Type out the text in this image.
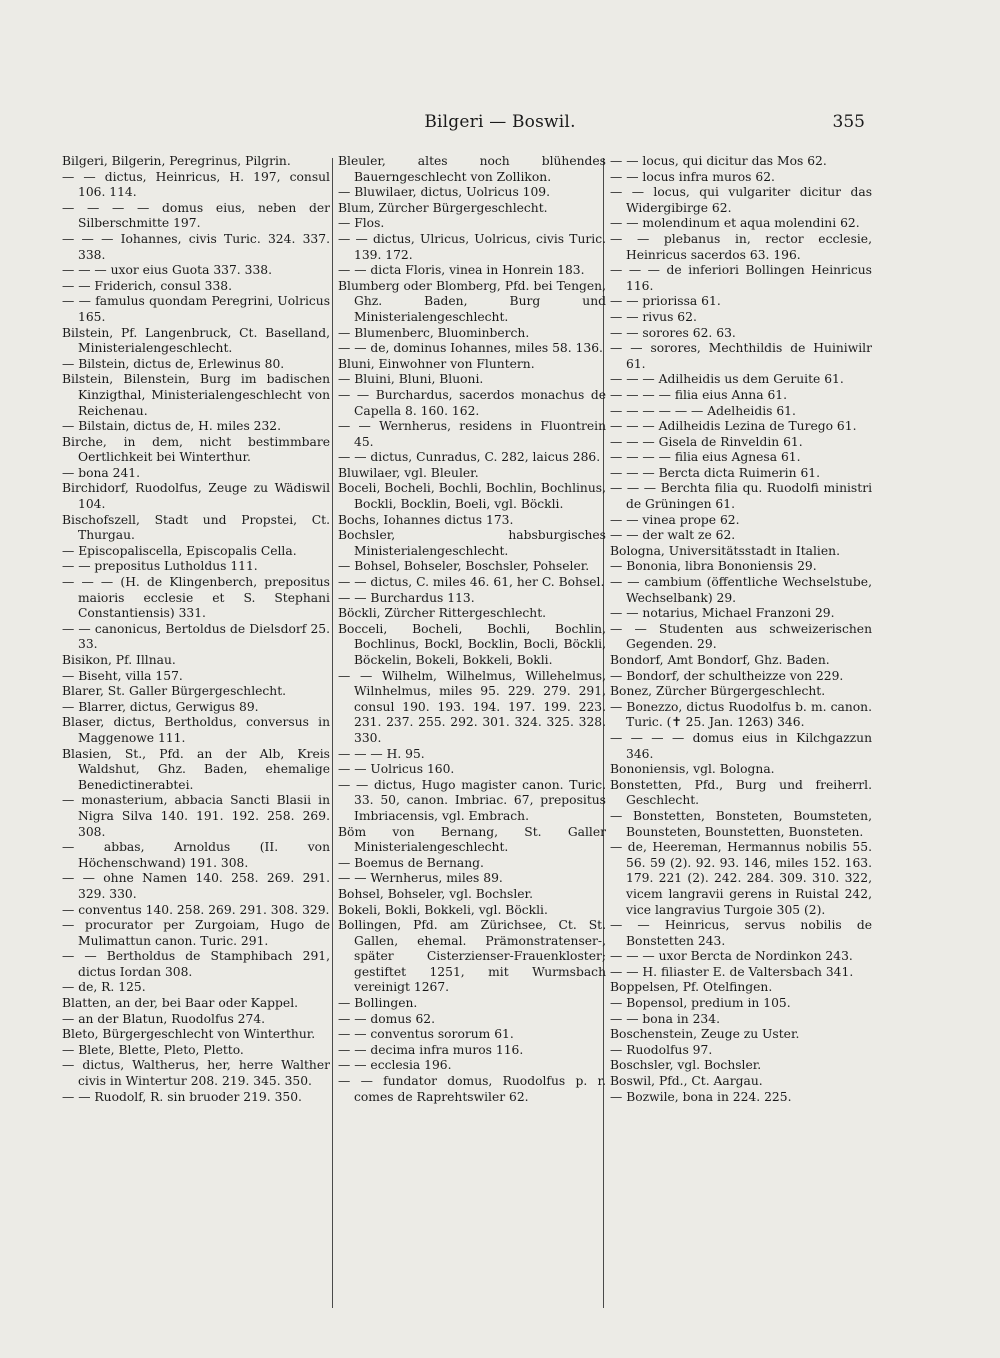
Bilgeri — Boswil.	355

Bilgeri, Bilgerin, Peregrinus, Pilgrin.

— — dictus, Heinricus, H. 197, consul 106. 114.

— — — — domus eius, neben der Silberschmitte 197.

— — — Iohannes, civis Turic. 324. 337. 338.

— — — uxor eius Guota 337. 338.

— — Friderich, consul 338.

— — famulus quondam Peregrini, Uolricus 165.

Bilstein, Pf. Langenbruck, Ct. Baselland, Ministerialengeschlecht.

— Bilstein, dictus de, Erlewinus 80.

Bilstein, Bilenstein, Burg im badischen Kinzigthal, Ministerialengeschlecht von Reichenau.

— Bilstain, dictus de, H. miles 232.

Birche, in dem, nicht bestimmbare Oertlichkeit bei Winterthur.

— bona 241.

Birchidorf, Ruodolfus, Zeuge zu Wädiswil 104.

Bischofszell, Stadt und Propstei, Ct. Thurgau.

— Episcopaliscella, Episcopalis Cella.

— — prepositus Lutholdus 111.

— — — (H. de Klingenberch, prepositus maioris ecclesie et S. Stephani Constantiensis) 331.

— — canonicus, Bertoldus de Dielsdorf 25. 33.

Bisikon, Pf. Illnau.

— Biseht, villa 157.

Blarer, St. Galler Bürgergeschlecht.

— Blarrer, dictus, Gerwigus 89.

Blaser, dictus, Bertholdus, conversus in Maggenowe 111.

Blasien, St., Pfd. an der Alb, Kreis Waldshut, Ghz. Baden, ehemalige Benedictinerabtei.

— monasterium, abbacia Sancti Blasii in Nigra Silva 140. 191. 192. 258. 269. 308.

— abbas, Arnoldus (II. von Höchenschwand) 191. 308.

— — ohne Namen 140. 258. 269. 291. 329. 330.

— conventus 140. 258. 269. 291. 308. 329.

— procurator per Zurgoiam, Hugo de Mulimattun canon. Turic. 291.

— — Bertholdus de Stamphibach 291, dictus Iordan 308.

— de, R. 125.

Blatten, an der, bei Baar oder Kappel.

— an der Blatun, Ruodolfus 274.

Bleto, Bürgergeschlecht von Winterthur.

— Blete, Blette, Pleto, Pletto.

— dictus, Waltherus, her, herre Walther civis in Wintertur 208. 219. 345. 350.

— — Ruodolf, R. sin bruoder 219. 350.

Bleuler, altes noch blühendes Bauerngeschlecht von Zollikon.

— Bluwilaer, dictus, Uolricus 109.

Blum, Zürcher Bürgergeschlecht.

— Flos.

— — dictus, Ulricus, Uolricus, civis Turic. 139. 172.

— — dicta Floris, vinea in Honrein 183.

Blumberg oder Blomberg, Pfd. bei Tengen, Ghz. Baden, Burg und Ministerialengeschlecht.

— Blumenberc, Bluominberch.

— — de, dominus Iohannes, miles 58. 136.

Bluni, Einwohner von Fluntern.

— Bluini, Bluni, Bluoni.

— — Burchardus, sacerdos monachus de Capella 8. 160. 162.

— — Wernherus, residens in Fluontrein 45.

— — dictus, Cunradus, C. 282, laicus 286.

Bluwilaer, vgl. Bleuler.

Boceli, Bocheli, Bochli, Bochlin, Bochlinus, Bockli, Bocklin, Boeli, vgl. Böckli.

Bochs, Iohannes dictus 173.

Bochsler, habsburgisches Ministerialengeschlecht.

— Bohsel, Bohseler, Boschsler, Pohseler.

— — dictus, C. miles 46. 61, her C. Bohsel.

— — Burchardus 113.

Böckli, Zürcher Rittergeschlecht.

Bocceli, Bocheli, Bochli, Bochlin, Bochlinus, Bockl, Bocklin, Bocli, Böckli, Böckelin, Bokeli, Bokkeli, Bokli.

— — Wilhelm, Wilhelmus, Willehelmus, Wilnhelmus, miles 95. 229. 279. 291, consul 190. 193. 194. 197. 199. 223. 231. 237. 255. 292. 301. 324. 325. 328. 330.

— — — H. 95.

— — Uolricus 160.

— — dictus, Hugo magister canon. Turic. 33. 50, canon. Imbriac. 67, prepositus Imbriacensis, vgl. Embrach.

Böm von Bernang, St. Galler Ministerialengeschlecht.

— Boemus de Bernang.

— — Wernherus, miles 89.

Bohsel, Bohseler, vgl. Bochsler.

Bokeli, Bokli, Bokkeli, vgl. Böckli.

Bollingen, Pfd. am Zürichsee, Ct. St. Gallen, ehemal. Prämonstratenser-, später Cisterzienser-Frauenkloster; gestiftet 1251, mit Wurmsbach vereinigt 1267.

— Bollingen.

— — domus 62.

— — conventus sororum 61.

— — decima infra muros 116.

— — ecclesia 196.

— — fundator domus, Ruodolfus p. r. comes de Raprehtswiler 62.

— — locus, qui dicitur das Mos 62.

— — locus infra muros 62.

— — locus, qui vulgariter dicitur das Widergibirge 62.

— — molendinum et aqua molendini 62.

— — plebanus in, rector ecclesie, Heinricus sacerdos 63. 196.

— — — de inferiori Bollingen Heinricus 116.

— — priorissa 61.

— — rivus 62.

— — sorores 62. 63.

— — sorores, Mechthildis de Huiniwilr 61.

— — — Adilheidis us dem Geruite 61.

— — — — filia eius Anna 61.

— — — — — — Adelheidis 61.

— — — Adilheidis Lezina de Turego 61.

— — — Gisela de Rinveldin 61.

— — — — filia eius Agnesa 61.

— — — Bercta dicta Ruimerin 61.

— — — Berchta filia qu. Ruodolfi ministri de Grüningen 61.

— — vinea prope 62.

— — der walt ze 62.

Bologna, Universitätsstadt in Italien.

— Bononia, libra Bononiensis 29.

— — cambium (öffentliche Wechselstube, Wechselbank) 29.

— — notarius, Michael Franzoni 29.

— — Studenten aus schweizerischen Gegenden. 29.

Bondorf, Amt Bondorf, Ghz. Baden.

— Bondorf, der schultheizze von 229.

Bonez, Zürcher Bürgergeschlecht.

— Bonezzo, dictus Ruodolfus b. m. canon. Turic. (✝ 25. Jan. 1263) 346.

— — — — domus eius in Kilchgazzun 346.

Bononiensis, vgl. Bologna.

Bonstetten, Pfd., Burg und freiherrl. Geschlecht.

— Bonstetten, Bonsteten, Boumsteten, Bounsteten, Bounstetten, Buonsteten.

— de, Heereman, Hermannus nobilis 55. 56. 59 (2). 92. 93. 146, miles 152. 163. 179. 221 (2). 242. 284. 309. 310. 322, vicem langravii gerens in Ruistal 242, vice langravius Turgoie 305 (2).

— — Heinricus, servus nobilis de Bonstetten 243.

— — — uxor Bercta de Nordinkon 243.

— — H. filiaster E. de Valtersbach 341.

Boppelsen, Pf. Otelfingen.

— Bopensol, predium in 105.

— — bona in 234.

Boschenstein, Zeuge zu Uster.

— Ruodolfus 97.

Boschsler, vgl. Bochsler.

Boswil, Pfd., Ct. Aargau.

— Bozwile, bona in 224. 225.
